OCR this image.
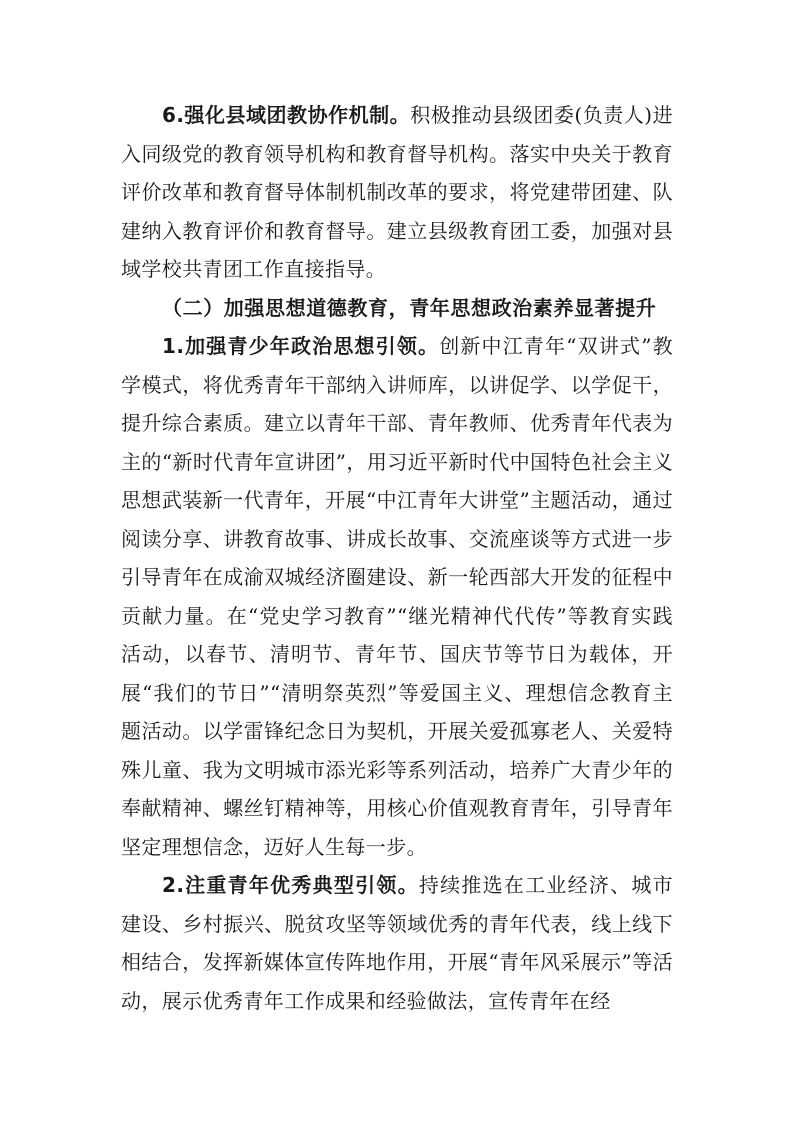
6.强化县域团教协作机制。积极推动县级团委(负责人)进入同级党的教育领导机构和教育督导机构。落实中央关于教育评价改革和教育督导体制机制改革的要求，将党建带团建、队建纳入教育评价和教育督导。建立县级教育团工委，加强对县域学校共青团工作直接指导。

（二）加强思想道德教育，青年思想政治素养显著提升

1.加强青少年政治思想引领。创新中江青年“双讲式”教学模式，将优秀青年干部纳入讲师库，以讲促学、以学促干，提升综合素质。建立以青年干部、青年教师、优秀青年代表为主的“新时代青年宣讲团”，用习近平新时代中国特色社会主义思想武装新一代青年，开展“中江青年大讲堂”主题活动，通过阅读分享、讲教育故事、讲成长故事、交流座谈等方式进一步引导青年在成渝双城经济圈建设、新一轮西部大开发的征程中贡献力量。在“党史学习教育”“继光精神代代传”等教育实践活动，以春节、清明节、青年节、国庆节等节日为载体，开展“我们的节日”“清明祭英烈”等爱国主义、理想信念教育主题活动。以学雷锋纪念日为契机，开展关爱孤寡老人、关爱特殊儿童、我为文明城市添光彩等系列活动，培养广大青少年的奉献精神、螺丝钉精神等，用核心价值观教育青年，引导青年坚定理想信念，迈好人生每一步。

2.注重青年优秀典型引领。持续推选在工业经济、城市建设、乡村振兴、脱贫攻坚等领域优秀的青年代表，线上线下相结合，发挥新媒体宣传阵地作用，开展“青年风采展示”等活动，展示优秀青年工作成果和经验做法，宣传青年在经
